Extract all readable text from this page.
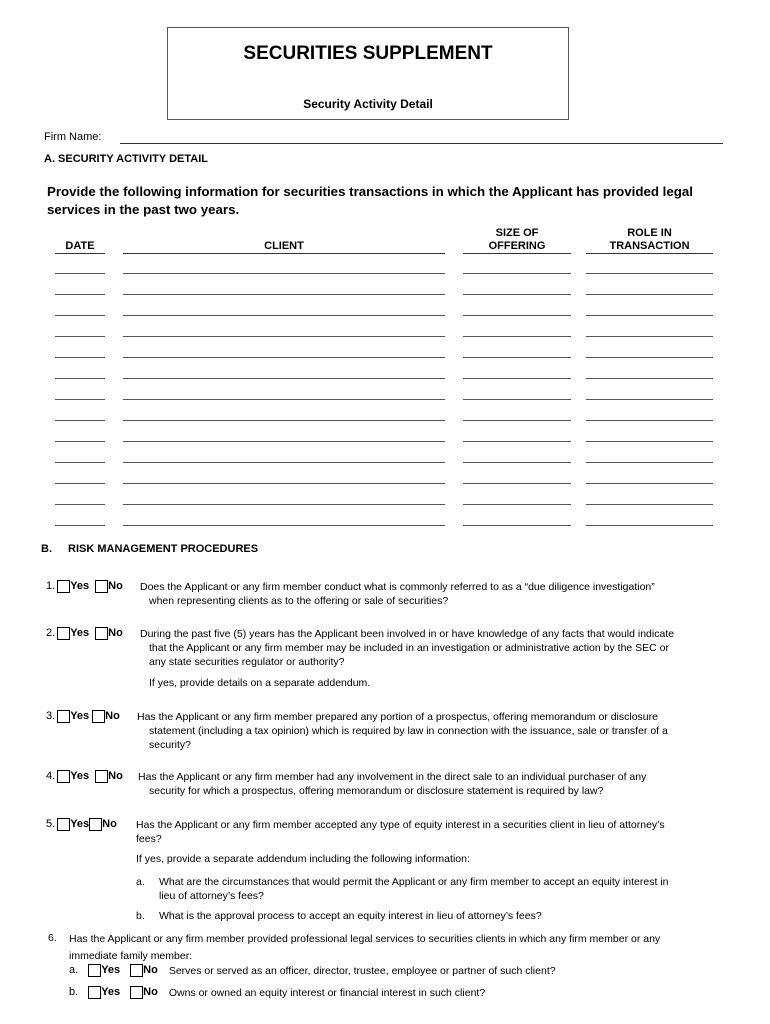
SECURITIES SUPPLEMENT
Security Activity Detail
Firm Name:
A. SECURITY ACTIVITY DETAIL
Provide the following information for securities transactions in which the Applicant has provided legal
services in the past two years.
DATE	CLIENT
SIZE OF
OFFERING
ROLE IN
TRANSACTION
B. RISK MANAGEMENT PROCEDURES
1. Yes No Does the Applicant or any firm member conduct what is commonly referred to as a “due diligence investigation”
when representing clients as to the offering or sale of securities?
2. Yes No During the past five (5) years has the Applicant been involved in or have knowledge of any facts that would indicate
that the Applicant or any firm member may be included in an investigation or administrative action by the SEC or
any state securities regulator or authority?
If yes, provide details on a separate addendum.
3. Yes No Has the Applicant or any firm member prepared any portion of a prospectus, offering memorandum or disclosure
statement (including a tax opinion) which is required by law in connection with the issuance, sale or transfer of a
security?
4. Yes No Has the Applicant or any firm member had any involvement in the direct sale to an individual purchaser of any
security for which a prospectus, offering memorandum or disclosure statement is required by law?
5. Yes No Has the Applicant or any firm member accepted any type of equity interest in a securities client in lieu of attorney’s
fees?
If yes, provide a separate addendum including the following information:
a. What are the circumstances that would permit the Applicant or any firm member to accept an equity interest in
lieu of attorney’s fees?
b. What is the approval process to accept an equity interest in lieu of attorney’s fees?
6. Has the Applicant or any firm member provided professional legal services to securities clients in which any firm member or any
immediate family member:
a. Yes No Serves or served as an officer, director, trustee, employee or partner of such client?
b. Yes No Owns or owned an equity interest or financial interest in such client?
